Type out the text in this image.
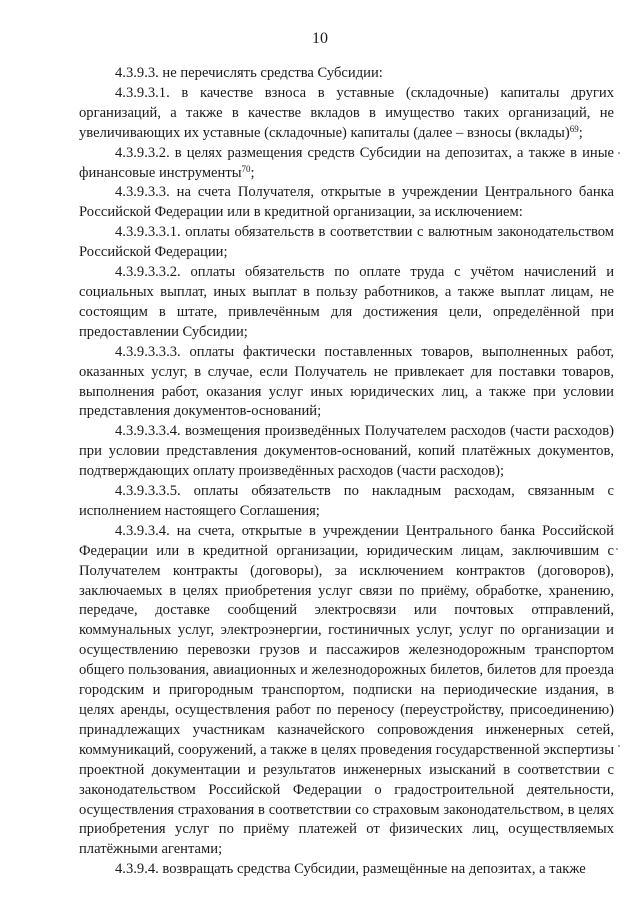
10

4.3.9.3. не перечислять средства Субсидии:

4.3.9.3.1. в качестве взноса в уставные (складочные) капиталы других организаций, а также в качестве вкладов в имущество таких организаций, не увеличивающих их уставные (складочные) капиталы (далее – взносы (вклады)$^{69}$;

4.3.9.3.2. в целях размещения средств Субсидии на депозитах, а также в иные финансовые инструменты$^{70}$;

4.3.9.3.3. на счета Получателя, открытые в учреждении Центрального банка Российской Федерации или в кредитной организации, за исключением:

4.3.9.3.3.1. оплаты обязательств в соответствии с валютным законодательством Российской Федерации;

4.3.9.3.3.2. оплаты обязательств по оплате труда с учётом начислений и социальных выплат, иных выплат в пользу работников, а также выплат лицам, не состоящим в штате, привлечённым для достижения цели, определённой при предоставлении Субсидии;

4.3.9.3.3.3. оплаты фактически поставленных товаров, выполненных работ, оказанных услуг, в случае, если Получатель не привлекает для поставки товаров, выполнения работ, оказания услуг иных юридических лиц, а также при условии представления документов-оснований;

4.3.9.3.3.4. возмещения произведённых Получателем расходов (части расходов) при условии представления документов-оснований, копий платёжных документов, подтверждающих оплату произведённых расходов (части расходов);

4.3.9.3.3.5. оплаты обязательств по накладным расходам, связанным с исполнением настоящего Соглашения;

4.3.9.3.4. на счета, открытые в учреждении Центрального банка Российской Федерации или в кредитной организации, юридическим лицам, заключившим с Получателем контракты (договоры), за исключением контрактов (договоров), заключаемых в целях приобретения услуг связи по приёму, обработке, хранению, передаче, доставке сообщений электросвязи или почтовых отправлений, коммунальных услуг, электроэнергии, гостиничных услуг, услуг по организации и осуществлению перевозки грузов и пассажиров железнодорожным транспортом общего пользования, авиационных и железнодорожных билетов, билетов для проезда городским и пригородным транспортом, подписки на периодические издания, в целях аренды, осуществления работ по переносу (переустройству, присоединению) принадлежащих участникам казначейского сопровождения инженерных сетей, коммуникаций, сооружений, а также в целях проведения государственной экспертизы проектной документации и результатов инженерных изысканий в соответствии с законодательством Российской Федерации о градостроительной деятельности, осуществления страхования в соответствии со страховым законодательством, в целях приобретения услуг по приёму платежей от физических лиц, осуществляемых платёжными агентами;

4.3.9.4. возвращать средства Субсидии, размещённые на депозитах, а также
